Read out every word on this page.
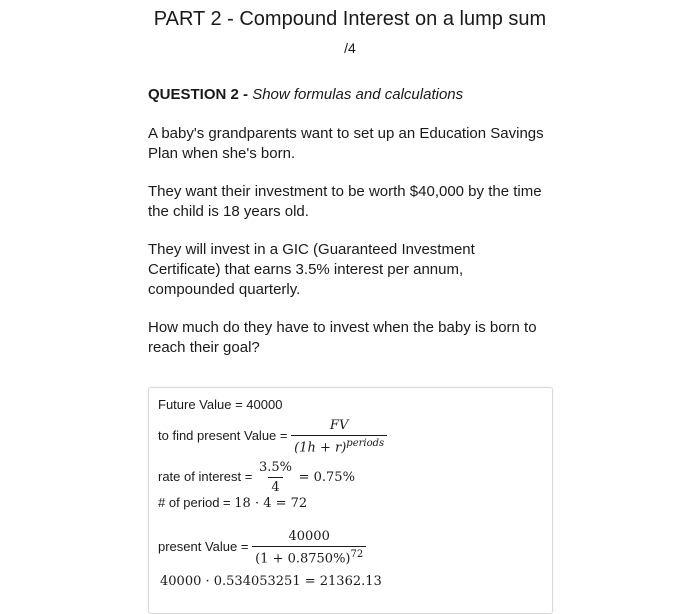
PART 2 - Compound Interest on a lump sum
/4
QUESTION 2 - Show formulas and calculations
A baby's grandparents want to set up an Education Savings Plan when she's born.
They want their investment to be worth $40,000 by the time the child is 18 years old.
They will invest in a GIC (Guaranteed Investment Certificate) that earns 3.5% interest per annum, compounded quarterly.
How much do they have to invest when the baby is born to reach their goal?
Future Value = 40000
to find present Value = $\frac{FV}{(1h + r)^{periods}}$
rate of interest = $\frac{3.5\%}{4} = 0.75\%$
# of period = 18 · 4 = 72
present Value = $\frac{40000}{(1 + 0.8750\%)^{72}}$
40000 · 0.534053251 = 21362.13
